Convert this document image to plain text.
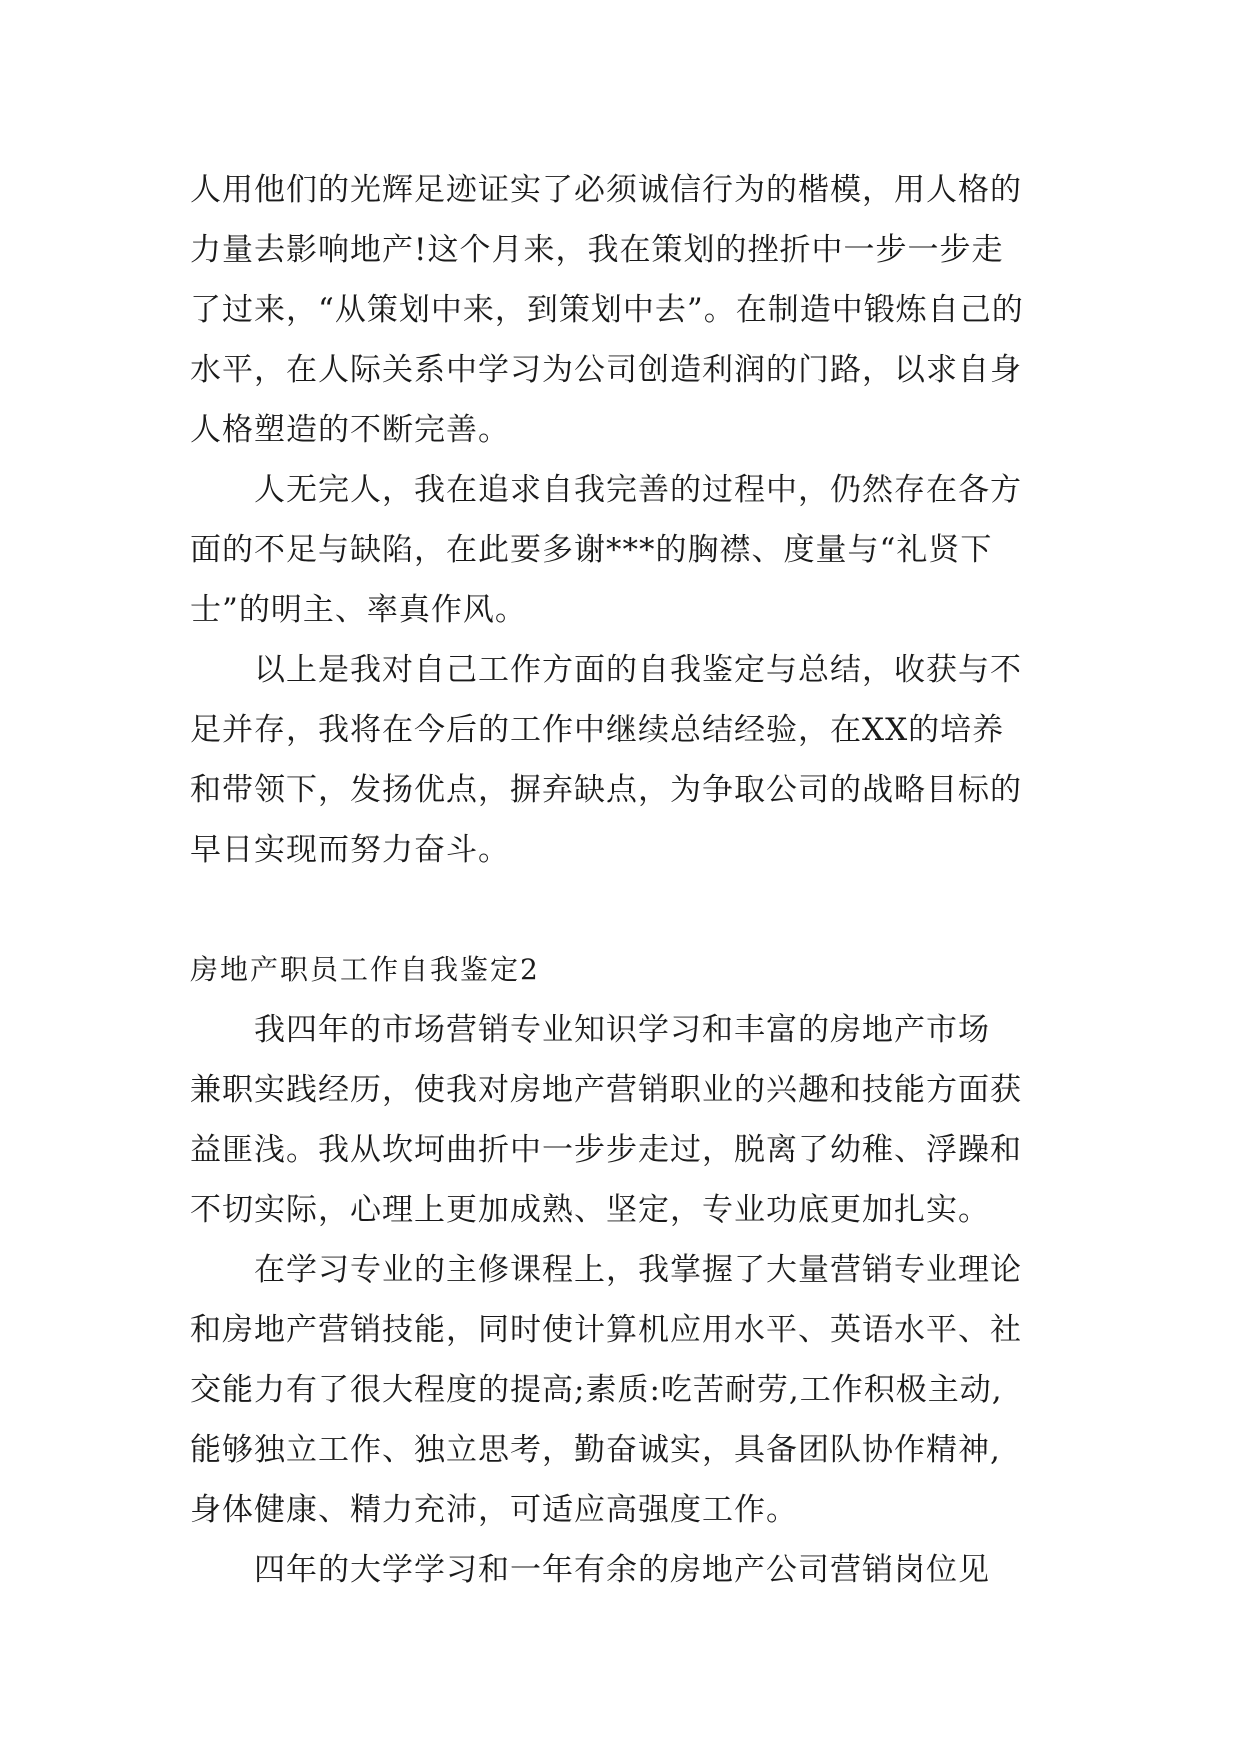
人用他们的光辉足迹证实了必须诚信行为的楷模，用人格的
力量去影响地产!这个月来，我在策划的挫折中一步一步走
了过来，“从策划中来，到策划中去”。在制造中锻炼自己的
水平，在人际关系中学习为公司创造利润的门路，以求自身
人格塑造的不断完善。
人无完人，我在追求自我完善的过程中，仍然存在各方
面的不足与缺陷，在此要多谢***的胸襟、度量与“礼贤下
士”的明主、率真作风。
以上是我对自己工作方面的自我鉴定与总结，收获与不
足并存，我将在今后的工作中继续总结经验，在XX的培养
和带领下，发扬优点，摒弃缺点，为争取公司的战略目标的
早日实现而努力奋斗。
房地产职员工作自我鉴定2
我四年的市场营销专业知识学习和丰富的房地产市场
兼职实践经历，使我对房地产营销职业的兴趣和技能方面获
益匪浅。我从坎坷曲折中一步步走过，脱离了幼稚、浮躁和
不切实际，心理上更加成熟、坚定，专业功底更加扎实。
在学习专业的主修课程上，我掌握了大量营销专业理论
和房地产营销技能，同时使计算机应用水平、英语水平、社
交能力有了很大程度的提高;素质:吃苦耐劳,工作积极主动,
能够独立工作、独立思考，勤奋诚实，具备团队协作精神,
身体健康、精力充沛，可适应高强度工作。
四年的大学学习和一年有余的房地产公司营销岗位见
